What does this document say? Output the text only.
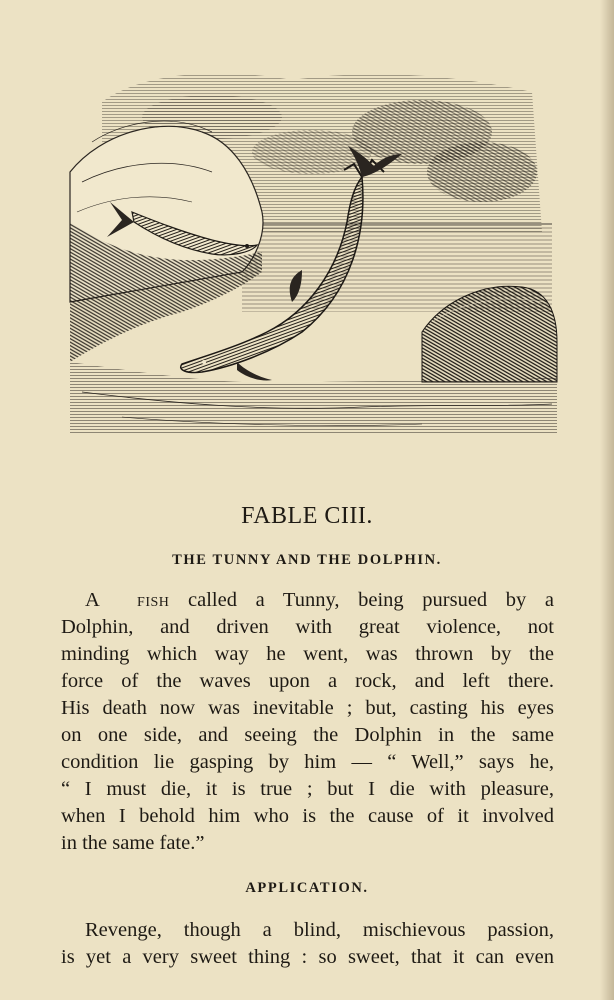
FABLE CIII.
THE TUNNY AND THE DOLPHIN.
A fish called a Tunny, being pursued by a
Dolphin, and driven with great violence, not
minding which way he went, was thrown by the
force of the waves upon a rock, and left there.
His death now was inevitable ; but, casting his eyes
on one side, and seeing the Dolphin in the same
condition lie gasping by him — “ Well,” says he,
“ I must die, it is true ; but I die with pleasure,
when I behold him who is the cause of it involved
in the same fate.”
APPLICATION.
Revenge, though a blind, mischievous passion,
is yet a very sweet thing : so sweet, that it can even
